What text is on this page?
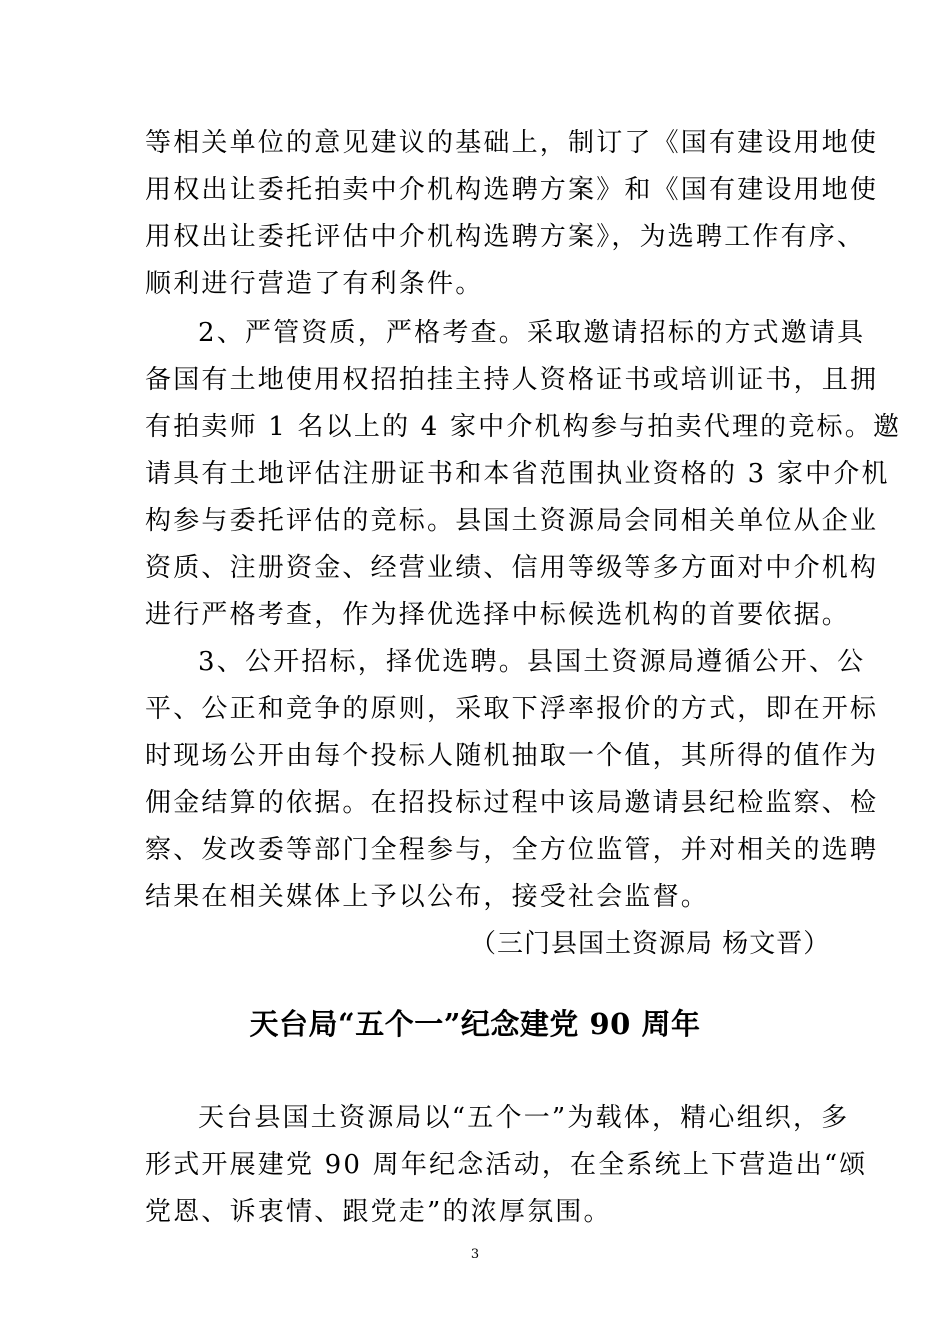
等相关单位的意见建议的基础上，制订了《国有建设用地使
用权出让委托拍卖中介机构选聘方案》和《国有建设用地使
用权出让委托评估中介机构选聘方案》，为选聘工作有序、
顺利进行营造了有利条件。
2、严管资质，严格考查。采取邀请招标的方式邀请具
备国有土地使用权招拍挂主持人资格证书或培训证书，且拥
有拍卖师 1 名以上的 4 家中介机构参与拍卖代理的竞标。邀
请具有土地评估注册证书和本省范围执业资格的 3 家中介机
构参与委托评估的竞标。县国土资源局会同相关单位从企业
资质、注册资金、经营业绩、信用等级等多方面对中介机构
进行严格考查，作为择优选择中标候选机构的首要依据。
3、公开招标，择优选聘。县国土资源局遵循公开、公
平、公正和竞争的原则，采取下浮率报价的方式，即在开标
时现场公开由每个投标人随机抽取一个值，其所得的值作为
佣金结算的依据。在招投标过程中该局邀请县纪检监察、检
察、发改委等部门全程参与，全方位监管，并对相关的选聘
结果在相关媒体上予以公布，接受社会监督。
（三门县国土资源局 杨文晋）
天台局“五个一”纪念建党 90 周年
天台县国土资源局以“五个一”为载体，精心组织，多
形式开展建党 90 周年纪念活动，在全系统上下营造出“颂
党恩、诉衷情、跟党走”的浓厚氛围。
3
